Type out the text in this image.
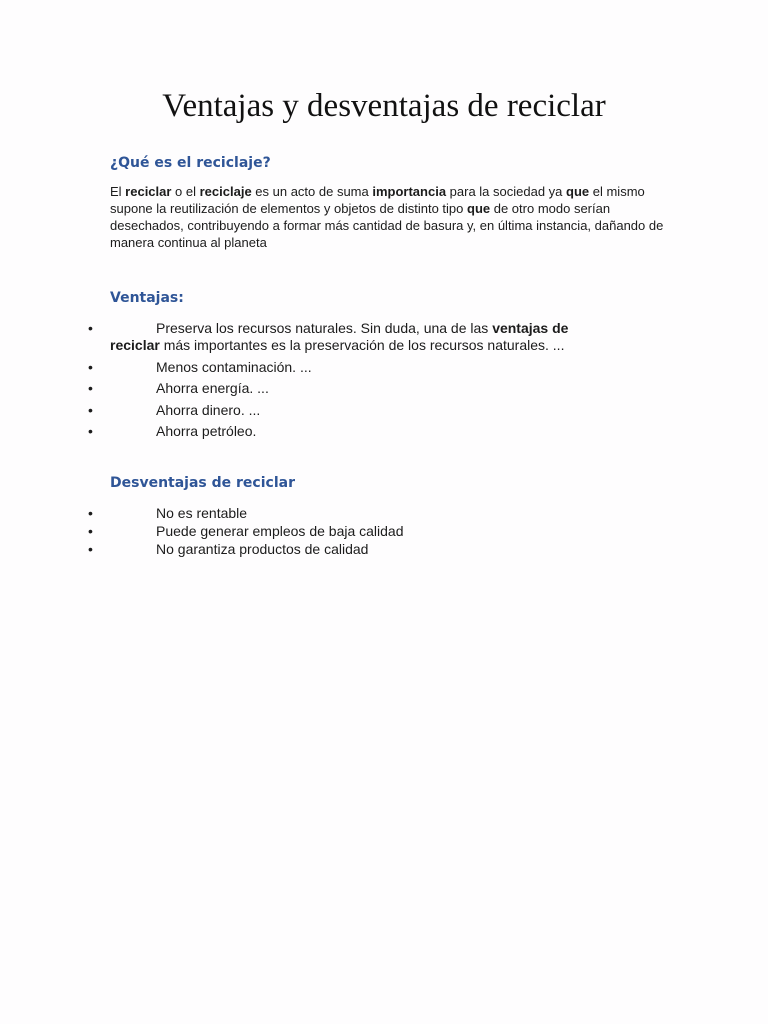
Ventajas y desventajas de reciclar
¿Qué es el reciclaje?

El reciclar o el reciclaje es un acto de suma importancia para la sociedad ya que el mismo supone la reutilización de elementos y objetos de distinto tipo que de otro modo serían desechados, contribuyendo a formar más cantidad de basura y, en última instancia, dañando de manera continua al planeta

Ventajas:
•	Preserva los recursos naturales. Sin duda, una de las ventajas de reciclar más importantes es la preservación de los recursos naturales. ...
•	Menos contaminación. ...
•	Ahorra energía. ...
•	Ahorra dinero. ...
•	Ahorra petróleo.
Desventajas de reciclar
•	No es rentable
•	Puede generar empleos de baja calidad
•	No garantiza productos de calidad
